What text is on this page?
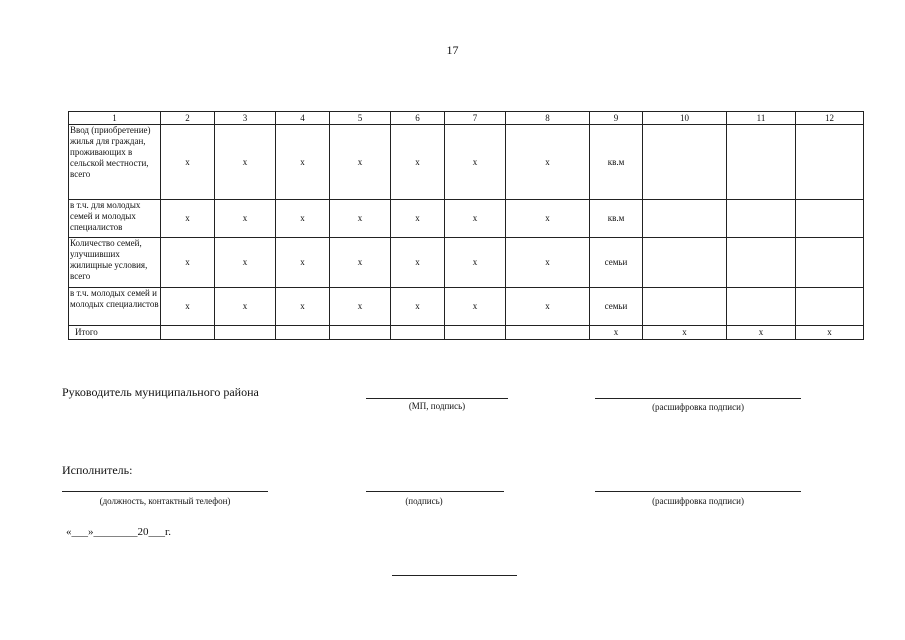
17
1	2	3	4	5	6	7	8	9	10	11	12
Ввод (приобретение) жилья для граждан, проживающих в сельской местности, всего	х	х	х	х	х	х	х	кв.м			
в т.ч. для молодых семей и молодых специалистов	х	х	х	х	х	х	х	кв.м			
Количество семей, улучшивших жилищные условия, всего	х	х	х	х	х	х	х	семьи			
в т.ч. молодых семей и молодых специалистов	х	х	х	х	х	х	х	семьи			
Итого								х	х	х	х
Руководитель муниципального района
(МП, подпись)	(расшифровка подписи)
Исполнитель:
(должность, контактный телефон)	(подпись)	(расшифровка подписи)
«___»________20___г.
